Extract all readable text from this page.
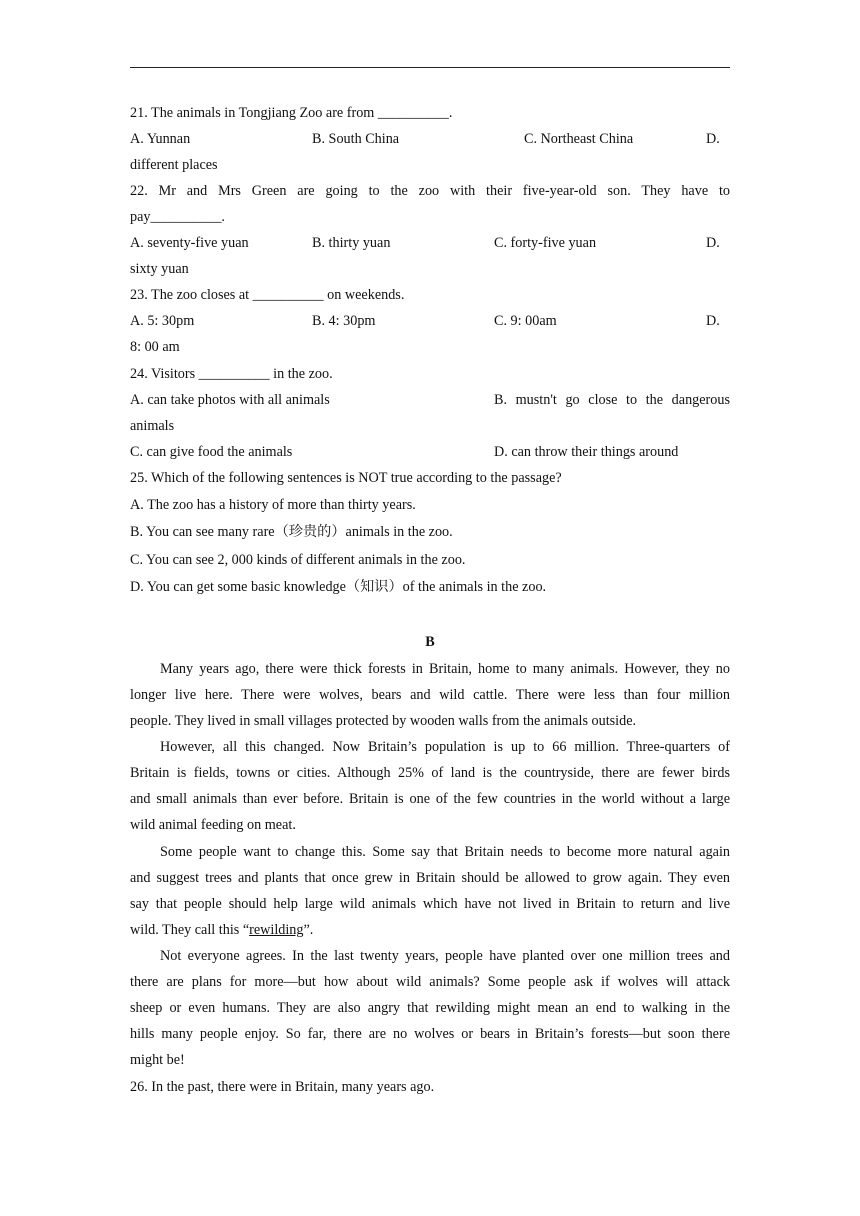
21. The animals in Tongjiang Zoo are from __________.
A. Yunnan	B. South China	C. Northeast China	D.
different places
22. Mr and Mrs Green are going to the zoo with their five-year-old son. They have to
pay__________.
A. seventy-five yuan	B. thirty yuan	C. forty-five yuan	D.
sixty yuan
23. The zoo closes at __________ on weekends.
A. 5: 30pm	B. 4: 30pm	C. 9: 00am	D.
8: 00 am
24. Visitors __________ in the zoo.
A. can take photos with all animals	B. mustn't go close to the dangerous
animals
C. can give food the animals	D. can throw their things around
25. Which of the following sentences is NOT true according to the passage?
A. The zoo has a history of more than thirty years.
B. You can see many rare（珍贵的）animals in the zoo.
C. You can see 2, 000 kinds of different animals in the zoo.
D. You can get some basic knowledge（知识）of the animals in the zoo.
B
Many years ago, there were thick forests in Britain, home to many animals. However, they no
longer live here. There were wolves, bears and wild cattle. There were less than four million
people. They lived in small villages protected by wooden walls from the animals outside.
However, all this changed. Now Britain’s population is up to 66 million. Three-quarters of
Britain is fields, towns or cities. Although 25% of land is the countryside, there are fewer birds
and small animals than ever before. Britain is one of the few countries in the world without a large
wild animal feeding on meat.
Some people want to change this. Some say that Britain needs to become more natural again
and suggest trees and plants that once grew in Britain should be allowed to grow again. They even
say that people should help large wild animals which have not lived in Britain to return and live
wild. They call this “rewilding”.
Not everyone agrees. In the last twenty years, people have planted over one million trees and
there are plans for more—but how about wild animals? Some people ask if wolves will attack
sheep or even humans. They are also angry that rewilding might mean an end to walking in the
hills many people enjoy. So far, there are no wolves or bears in Britain’s forests—but soon there
might be!
26. In the past, there were in Britain, many years ago.
